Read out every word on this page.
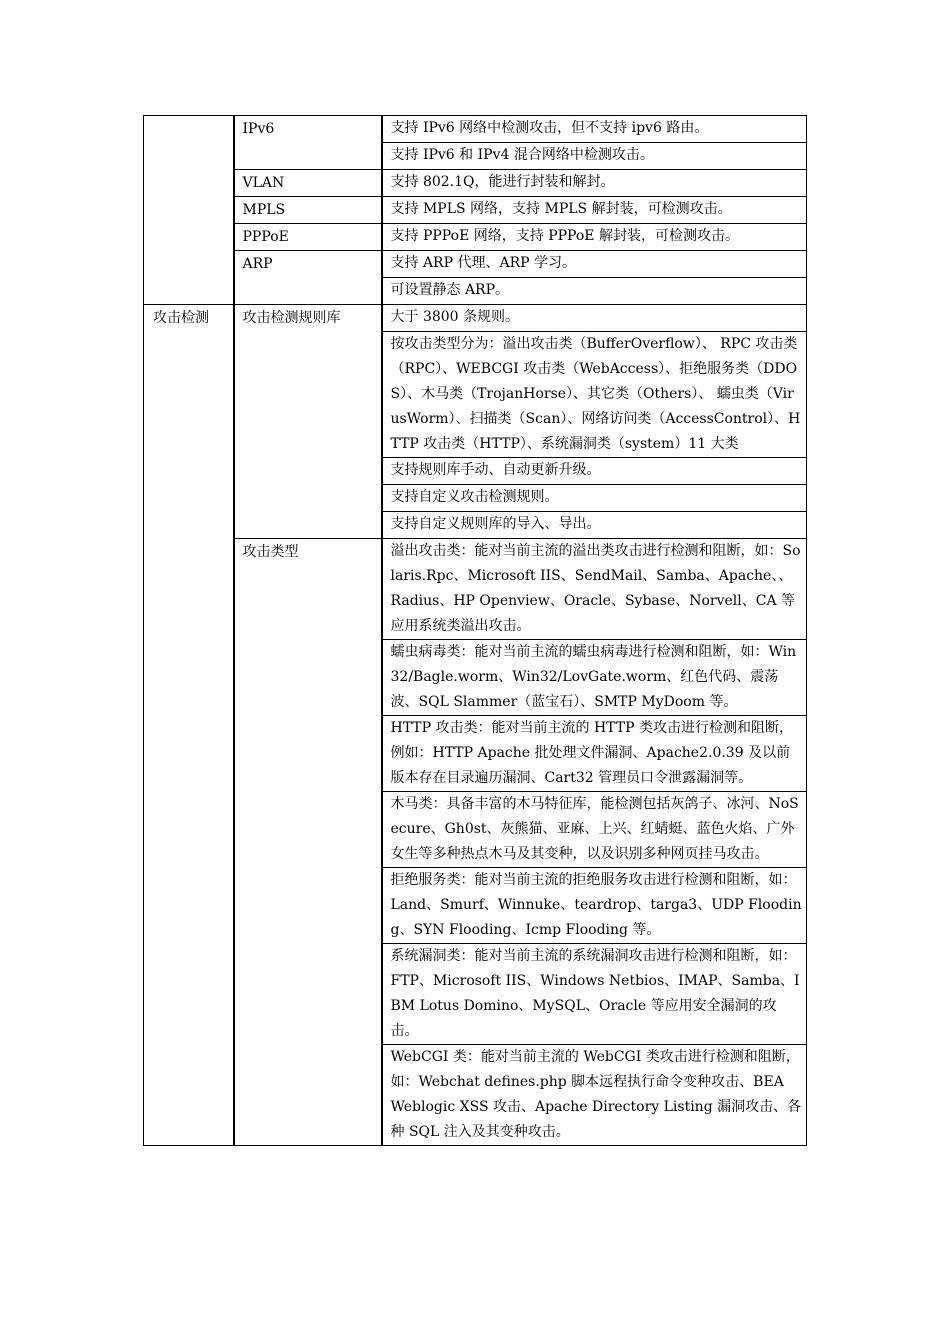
	IPv6	支持 IPv6 网络中检测攻击，但不支持 ipv6 路由。
		支持 IPv6 和 IPv4 混合网络中检测攻击。
	VLAN	支持 802.1Q，能进行封装和解封。
	MPLS	支持 MPLS 网络，支持 MPLS 解封装，可检测攻击。
	PPPoE	支持 PPPoE 网络，支持 PPPoE 解封装，可检测攻击。
	ARP	支持 ARP 代理、ARP 学习。
		可设置静态 ARP。
攻击检测	攻击检测规则库	大于 3800 条规则。
		按攻击类型分为：溢出攻击类（BufferOverflow）、 RPC 攻击类（RPC）、WEBCGI 攻击类（WebAccess）、拒绝服务类（DDOS）、木马类（TrojanHorse）、其它类（Others）、 蠕虫类（VirusWorm）、扫描类（Scan）、网络访问类（AccessControl）、HTTP 攻击类（HTTP）、系统漏洞类（system）11 大类
		支持规则库手动、自动更新升级。
		支持自定义攻击检测规则。
		支持自定义规则库的导入、导出。
	攻击类型	溢出攻击类：能对当前主流的溢出类攻击进行检测和阻断，如：Solaris.Rpc、Microsoft IIS、SendMail、Samba、Apache、、Radius、HP Openview、Oracle、Sybase、Norvell、CA 等应用系统类溢出攻击。
		蠕虫病毒类：能对当前主流的蠕虫病毒进行检测和阻断，如：Win32/Bagle.worm、Win32/LovGate.worm、红色代码、震荡波、SQL Slammer（蓝宝石）、SMTP MyDoom 等。
		HTTP 攻击类：能对当前主流的 HTTP 类攻击进行检测和阻断，例如：HTTP Apache 批处理文件漏洞、Apache2.0.39 及以前版本存在目录遍历漏洞、Cart32 管理员口令泄露漏洞等。
		木马类：具备丰富的木马特征库，能检测包括灰鸽子、冰河、NoSecure、Gh0st、灰熊猫、亚麻、上兴、红蜻蜓、蓝色火焰、广外女生等多种热点木马及其变种，以及识别多种网页挂马攻击。
		拒绝服务类：能对当前主流的拒绝服务攻击进行检测和阻断，如：Land、Smurf、Winnuke、teardrop、targa3、UDP Flooding、SYN Flooding、Icmp Flooding 等。
		系统漏洞类：能对当前主流的系统漏洞攻击进行检测和阻断，如：FTP、Microsoft IIS、Windows Netbios、IMAP、Samba、IBM Lotus Domino、MySQL、Oracle 等应用安全漏洞的攻击。
		WebCGI 类：能对当前主流的 WebCGI 类攻击进行检测和阻断，如：Webchat defines.php 脚本远程执行命令变种攻击、BEA Weblogic XSS 攻击、Apache Directory Listing 漏洞攻击、各种 SQL 注入及其变种攻击。
